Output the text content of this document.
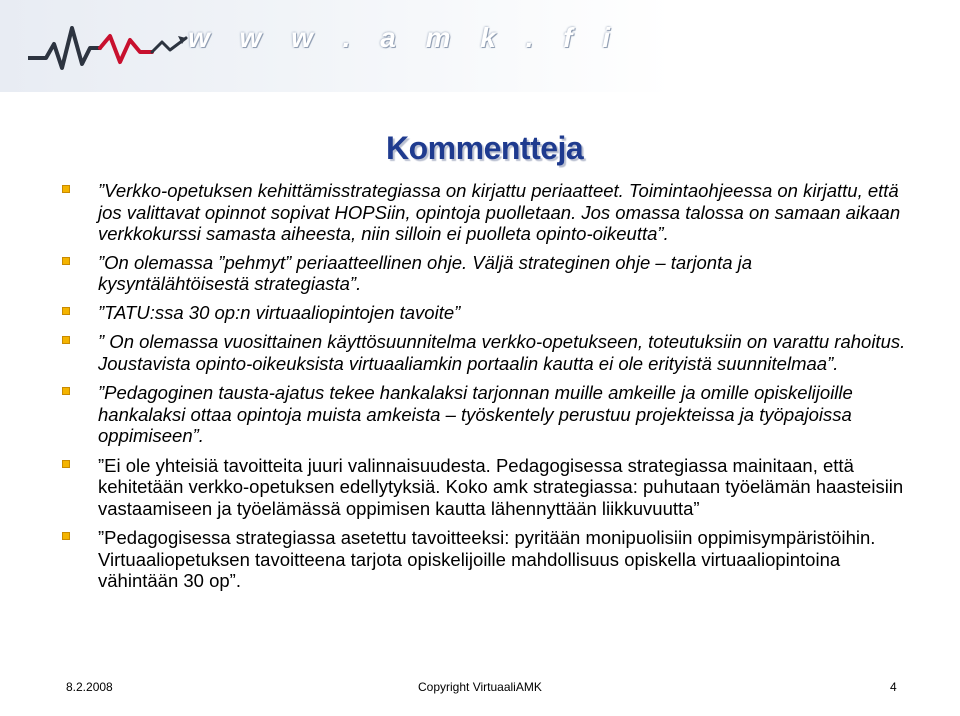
w w w . a m k . f i
Kommentteja
”Verkko-opetuksen kehittämisstrategiassa on kirjattu periaatteet. Toimintaohjeessa on kirjattu, että jos valittavat opinnot sopivat HOPSiin, opintoja puolletaan. Jos omassa talossa on samaan aikaan verkkokurssi samasta aiheesta, niin silloin ei puolleta opinto-oikeutta”.
”On olemassa ”pehmyt” periaatteellinen ohje. Väljä strateginen ohje – tarjonta ja kysyntälähtöisestä strategiasta”.
”TATU:ssa 30 op:n virtuaaliopintojen tavoite”
” On olemassa vuosittainen käyttösuunnitelma verkko-opetukseen, toteutuksiin on varattu rahoitus. Joustavista opinto-oikeuksista virtuaaliamkin portaalin kautta ei ole erityistä suunnitelmaa”.
”Pedagoginen tausta-ajatus tekee hankalaksi tarjonnan muille amkeille ja omille opiskelijoille hankalaksi ottaa opintoja muista amkeista – työskentely perustuu projekteissa ja työpajoissa oppimiseen”.
”Ei ole yhteisiä tavoitteita juuri valinnaisuudesta. Pedagogisessa strategiassa mainitaan, että kehitetään verkko-opetuksen edellytyksiä. Koko amk strategiassa: puhutaan työelämän haasteisiin vastaamiseen ja työelämässä oppimisen kautta lähennyttään liikkuvuutta”
”Pedagogisessa strategiassa asetettu tavoitteeksi: pyritään monipuolisiin oppimisympäristöihin. Virtuaaliopetuksen tavoitteena tarjota opiskelijoille mahdollisuus opiskella virtuaaliopintoina vähintään 30 op”.
8.2.2008	Copyright VirtuaaliAMK	4
